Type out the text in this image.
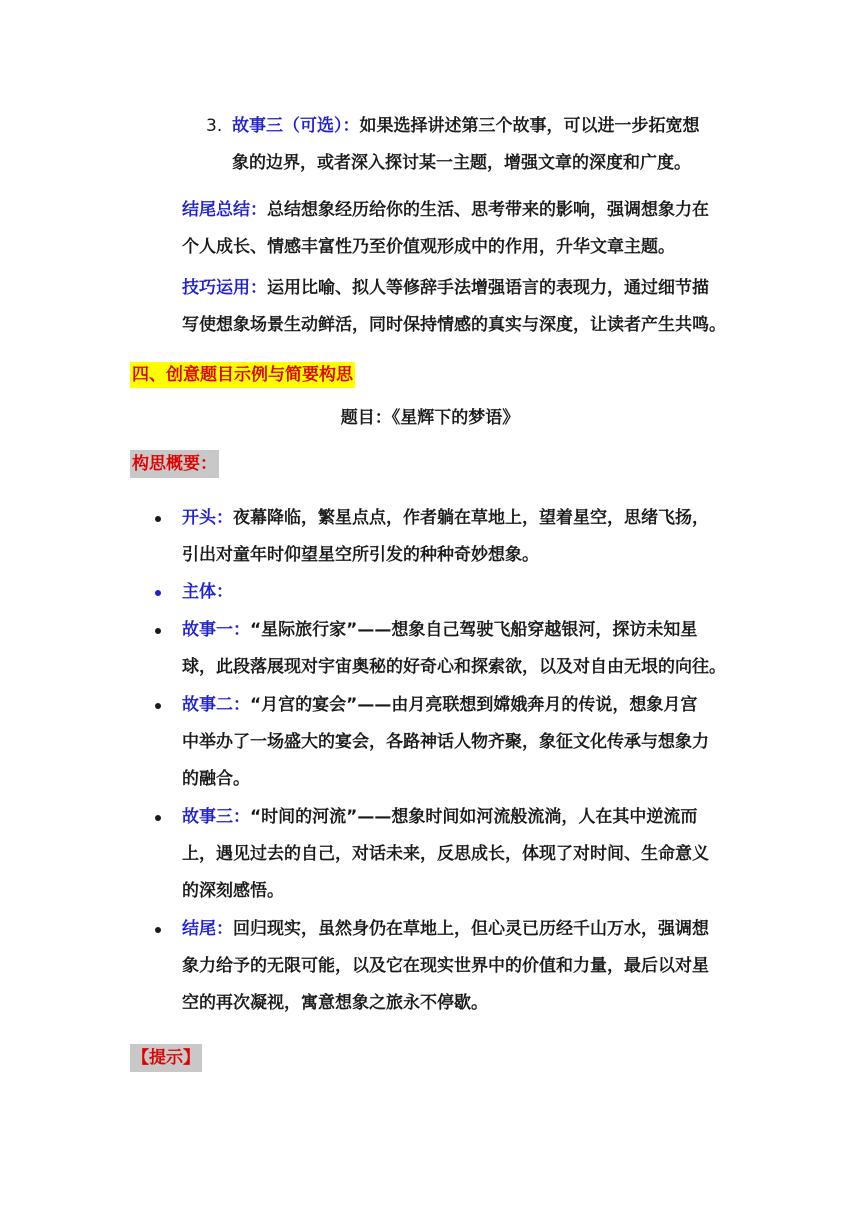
3. 故事三（可选）：如果选择讲述第三个故事，可以进一步拓宽想
象的边界，或者深入探讨某一主题，增强文章的深度和广度。
结尾总结：总结想象经历给你的生活、思考带来的影响，强调想象力在
个人成长、情感丰富性乃至价值观形成中的作用，升华文章主题。
技巧运用：运用比喻、拟人等修辞手法增强语言的表现力，通过细节描
写使想象场景生动鲜活，同时保持情感的真实与深度，让读者产生共鸣。
四、创意题目示例与简要构思
题目：《星辉下的梦语》
构思概要：
开头：夜幕降临，繁星点点，作者躺在草地上，望着星空，思绪飞扬，
引出对童年时仰望星空所引发的种种奇妙想象。
主体：
故事一：“星际旅行家”——想象自己驾驶飞船穿越银河，探访未知星
球，此段落展现对宇宙奥秘的好奇心和探索欲，以及对自由无垠的向往。
故事二：“月宫的宴会”——由月亮联想到嫦娥奔月的传说，想象月宫
中举办了一场盛大的宴会，各路神话人物齐聚，象征文化传承与想象力
的融合。
故事三：“时间的河流”——想象时间如河流般流淌，人在其中逆流而
上，遇见过去的自己，对话未来，反思成长，体现了对时间、生命意义
的深刻感悟。
结尾：回归现实，虽然身仍在草地上，但心灵已历经千山万水，强调想
象力给予的无限可能，以及它在现实世界中的价值和力量，最后以对星
空的再次凝视，寓意想象之旅永不停歇。
【提示】
